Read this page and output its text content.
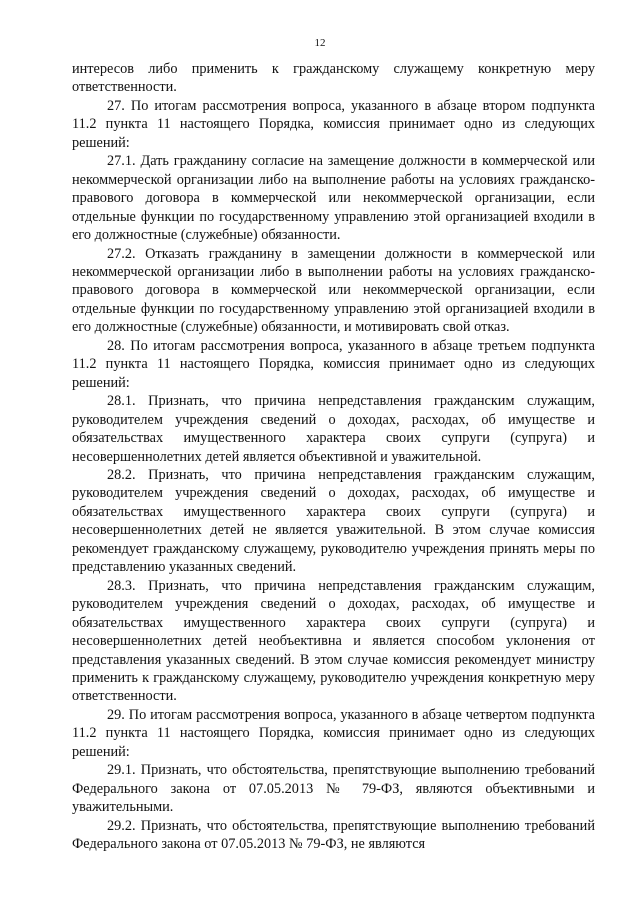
12

интересов либо применить к гражданскому служащему конкретную меру ответственности.

27. По итогам рассмотрения вопроса, указанного в абзаце втором подпункта 11.2 пункта 11 настоящего Порядка, комиссия принимает одно из следующих решений:

27.1. Дать гражданину согласие на замещение должности в коммерческой или некоммерческой организации либо на выполнение работы на условиях гражданско-правового договора в коммерческой или некоммерческой организации, если отдельные функции по государственному управлению этой организацией входили в его должностные (служебные) обязанности.

27.2. Отказать гражданину в замещении должности в коммерческой или некоммерческой организации либо в выполнении работы на условиях гражданско-правового договора в коммерческой или некоммерческой организации, если отдельные функции по государственному управлению этой организацией входили в его должностные (служебные) обязанности, и мотивировать свой отказ.

28. По итогам рассмотрения вопроса, указанного в абзаце третьем подпункта 11.2 пункта 11 настоящего Порядка, комиссия принимает одно из следующих решений:

28.1. Признать, что причина непредставления гражданским служащим, руководителем учреждения сведений о доходах, расходах, об имуществе и обязательствах имущественного характера своих супруги (супруга) и несовершеннолетних детей является объективной и уважительной.

28.2. Признать, что причина непредставления гражданским служащим, руководителем учреждения сведений о доходах, расходах, об имуществе и обязательствах имущественного характера своих супруги (супруга) и несовершеннолетних детей не является уважительной. В этом случае комиссия рекомендует гражданскому служащему, руководителю учреждения принять меры по представлению указанных сведений.

28.3. Признать, что причина непредставления гражданским служащим, руководителем учреждения сведений о доходах, расходах, об имуществе и обязательствах имущественного характера своих супруги (супруга) и несовершеннолетних детей необъективна и является способом уклонения от представления указанных сведений. В этом случае комиссия рекомендует министру применить к гражданскому служащему, руководителю учреждения конкретную меру ответственности.

29. По итогам рассмотрения вопроса, указанного в абзаце четвертом подпункта 11.2 пункта 11 настоящего Порядка, комиссия принимает одно из следующих решений:

29.1. Признать, что обстоятельства, препятствующие выполнению требований Федерального закона от 07.05.2013 № 79-ФЗ, являются объективными и уважительными.

29.2. Признать, что обстоятельства, препятствующие выполнению требований Федерального закона от 07.05.2013 № 79-ФЗ, не являются
